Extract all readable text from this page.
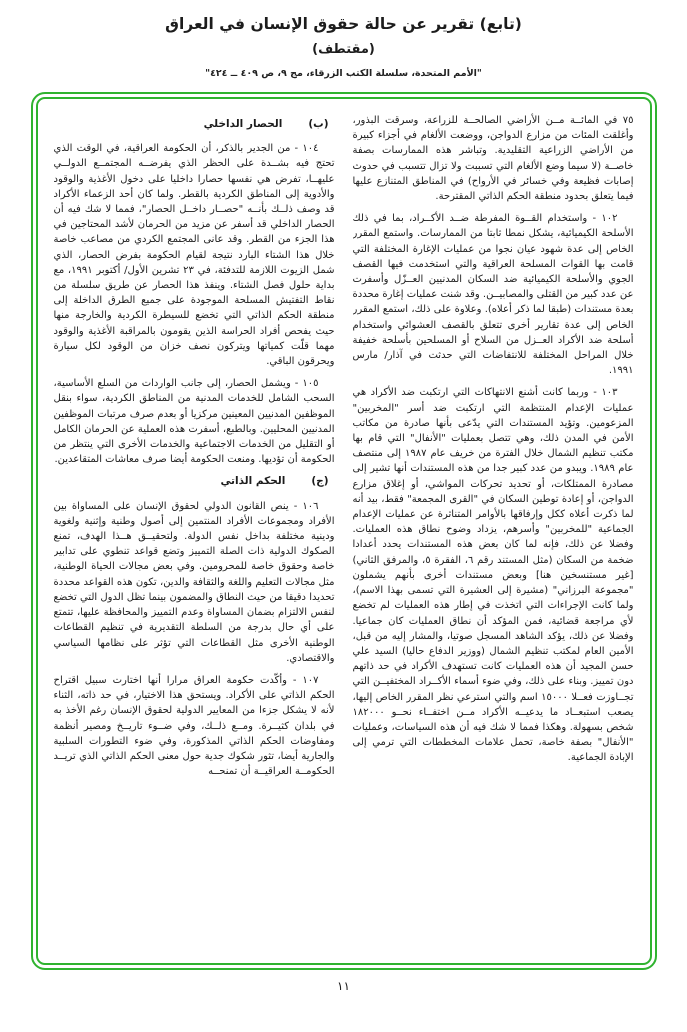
(تابع) تقرير عن حالة حقوق الإنسان في العراق
(مقتطف)
"الأمم المتحدة، سلسلة الكتب الزرقاء، مج ٩، ص ٤٠٩ ــ ٤٢٤"

٧٥ في المائــة مــن الأراضي الصالحــة للزراعة، وسرقت البذور، وأغلقت المئات من مزارع الدواجن، ووضعت الألغام في أجزاء كبيرة من الأراضي الزراعية التقليدية. وتباشر هذه الممارسات بصفة خاصــة (لا سيما وضع الألغام التي تسببت ولا تزال تتسبب في حدوث إصابات فظيعة وفي خسائر في الأرواح) في المناطق المتنازع عليها فيما يتعلق بحدود منطقة الحكم الذاتي المقترحة.

١٠٢ - واستخدام القــوة المفرطة ضــد الأكــراد، بما في ذلك الأسلحة الكيميائية، يشكل نمطا ثابتا من الممارسات. واستمع المقرر الخاص إلى عدة شهود عيان نجوا من عمليات الإغارة المختلفة التي قامت بها القوات المسلحة العراقية والتي استخدمت فيها القصف الجوي والأسلحة الكيميائية ضد السكان المدنيين العــزّل وأسفرت عن عدد كبير من القتلى والمصابيــن. وقد شنت عمليات إغارة محددة بعدة مستندات (طبقا لما ذكر أعلاه). وعلاوة على ذلك، استمع المقرر الخاص إلى عدة تقارير أخرى تتعلق بالقصف العشوائي واستخدام أسلحة ضد الأكراد العــزل من السلاح أو المسلحين بأسلحة خفيفة خلال المراحل المختلفة للانتفاضات التي حدثت في آذار/ مارس ١٩٩١.

١٠٣ - وربما كانت أشنع الانتهاكات التي ارتكبت ضد الأكراد هي عمليات الإعدام المنتظمة التي ارتكبت ضد أسر "المخربين" المزعومين. وتؤيد المستندات التي يدّعى بأنها صادرة من مكاتب الأمن في المدن ذلك، وهي تتصل بعمليات "الأنفال" التي قام بها مكتب تنظيم الشمال خلال الفترة من خريف عام ١٩٨٧ إلى منتصف عام ١٩٨٩. ويبدو من عدد كبير جدا من هذه المستندات أنها تشير إلى مصادرة الممتلكات، أو تحديد تحركات المواشي، أو إغلاق مزارع الدواجن، أو إعادة توطين السكان في "القرى المجمعة" فقط، بيد أنه لما ذكرت أعلاه ككل وإرفاقها بالأوامر المتناثرة عن عمليات الإعدام الجماعية "للمخربين" وأسرهم، يزداد وضوح نطاق هذه العمليات. وفضلا عن ذلك، فإنه لما كان بعض هذه المستندات يحدد أعدادا ضخمة من السكان (مثل المستند رقم ٦، الفقرة ٥، والمرفق الثاني) [غير مستنسخين هنا] وبعض مستندات أخرى بأنهم يشملون "مجموعة البرزاني" (مشيرة إلى العشيرة التي تسمى بهذا الاسم)، ولما كانت الإجراءات التي اتخذت في إطار هذه العمليات لم تخضع لأي مراجعة قضائية، فمن المؤكد أن نطاق العمليات كان جماعيا. وفضلا عن ذلك، يؤكد الشاهد المسجل صوتيا، والمشار إليه من قبل، الأمين العام لمكتب تنظيم الشمال (ووزير الدفاع حاليا) السيد علي حسن المجيد أن هذه العمليات كانت تستهدف الأكراد في حد ذاتهم دون تمييز. وبناء على ذلك، وفي ضوء أسماء الأكــراد المختفيــن التي تجــاوزت فعــلا ١٥٠٠٠ اسم والتي استرعي نظر المقرر الخاص إليها، يصعب استبعــاد ما يدعيــه الأكراد مــن اختفــاء نحــو ١٨٢٠٠٠ شخص بسهولة. وهكذا فمما لا شك فيه أن هذه السياسات، وعمليات "الأنفال" بصفة خاصة، تحمل علامات المخططات التي ترمي إلى الإبادة الجماعية.

(ب)
الحصار الداخلي

١٠٤ - من الجدير بالذكر، أن الحكومة العراقية، في الوقت الذي تحتج فيه بشــدة على الحظر الذي يفرضــه المجتمــع الدولــي عليهــا، تفرض هي نفسها حصارا داخليا على دخول الأغذية والوقود والأدوية إلى المناطق الكردية بالقطر. ولما كان أحد الزعماء الأكراد قد وصف ذلــك بأنــه "حصــار داخــل الحصار"، فمما لا شك فيه أن الحصار الداخلي قد أسفر عن مزيد من الحرمان لأشد المحتاجين في هذا الجزء من القطر. وقد عانى المجتمع الكردي من مصاعب خاصة خلال هذا الشتاء البارد نتيجة لقيام الحكومة بفرض الحصار، الذي شمل الزيوت اللازمة للتدفئة، في ٢٣ تشرين الأول/ أكتوبر ١٩٩١، مع بداية حلول فصل الشتاء. وينفذ هذا الحصار عن طريق سلسلة من نقاط التفتيش المسلحة الموجودة على جميع الطرق الداخلة إلى منطقة الحكم الذاتي التي تخضع للسيطرة الكردية والخارجة منها حيث يفحص أفراد الحراسة الذين يقومون بالمراقبة الأغذية والوقود مهما قلّت كمياتها ويتركون نصف خزان من الوقود لكل سيارة ويحرقون الباقي.

١٠٥ - ويشمل الحصار، إلى جانب الواردات من السلع الأساسية، السحب الشامل للخدمات المدنية من المناطق الكردية، سواء بنقل الموظفين المدنيين المعينين مركزيا أو بعدم صرف مرتبات الموظفين المدنيين المحليين. وبالطبع، أسفرت هذه العملية عن الحرمان الكامل أو التقليل من الخدمات الاجتماعية والخدمات الأخرى التي ينتظر من الحكومة أن تؤديها. ومنعت الحكومة أيضا صرف معاشات المتقاعدين.

(ج)
الحكم الذاتي

١٠٦ - ينص القانون الدولي لحقوق الإنسان على المساواة بين الأفراد ومجموعات الأفراد المنتمين إلى أصول وطنية وإثنية ولغوية ودينية مختلفة بداخل نفس الدولة. ولتحقيــق هــذا الهدف، تمنع الصكوك الدولية ذات الصلة التمييز وتضع قواعد تنطوي على تدابير خاصة وحقوق خاصة للمحرومين. وفي بعض مجالات الحياة الوطنية، مثل مجالات التعليم واللغة والثقافة والدين، تكون هذه القواعد محددة تحديدا دقيقا من حيث النطاق والمضمون بينما تظل الدول التي تخضع لنفس الالتزام بضمان المساواة وعدم التمييز والمحافظة عليها، تتمتع على أي حال بدرجة من السلطة التقديرية في تنظيم القطاعات الوطنية الأخرى مثل القطاعات التي تؤثر على نظامها السياسي والاقتصادي.

١٠٧ - وأكّدت حكومة العراق مرارا أنها اختارت سبيل اقتراح الحكم الذاتي على الأكراد. ويستحق هذا الاختيار، في حد ذاته، الثناء لأنه لا يشكل جزءا من المعايير الدولية لحقوق الإنسان رغم الأخذ به في بلدان كثيــرة. ومــع ذلــك، وفي ضــوء تاريــخ ومصير أنظمة ومفاوضات الحكم الذاتي المذكورة، وفي ضوء التطورات السلبية والجارية أيضا، تثور شكوك جدية حول معنى الحكم الذاتي الذي تريــد الحكومــة العراقيــة أن تمنحــه

١١
